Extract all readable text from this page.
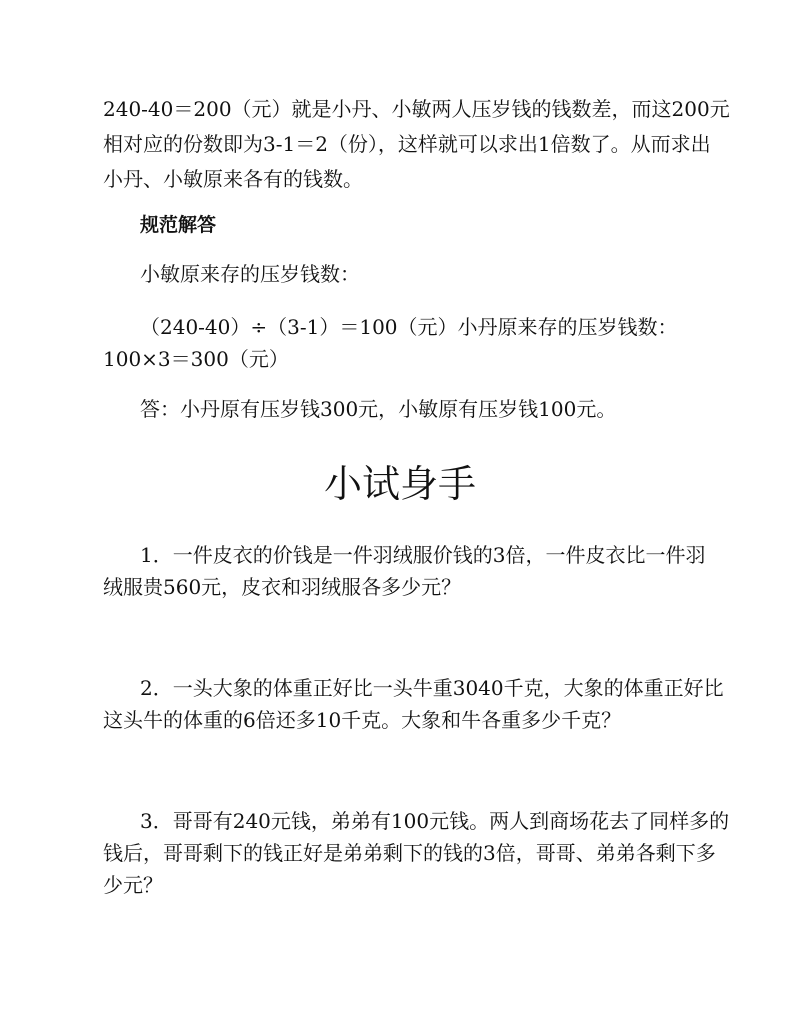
240-40＝200（元）就是小丹、小敏两人压岁钱的钱数差，而这200元
相对应的份数即为3-1＝2（份），这样就可以求出1倍数了。从而求出
小丹、小敏原来各有的钱数。
规范解答
小敏原来存的压岁钱数：
（240-40）÷（3-1）＝100（元）小丹原来存的压岁钱数：
100×3＝300（元）
答：小丹原有压岁钱300元，小敏原有压岁钱100元。
小试身手
1．一件皮衣的价钱是一件羽绒服价钱的3倍，一件皮衣比一件羽
绒服贵560元，皮衣和羽绒服各多少元？
2．一头大象的体重正好比一头牛重3040千克，大象的体重正好比
这头牛的体重的6倍还多10千克。大象和牛各重多少千克？
3．哥哥有240元钱，弟弟有100元钱。两人到商场花去了同样多的
钱后，哥哥剩下的钱正好是弟弟剩下的钱的3倍，哥哥、弟弟各剩下多
少元？
